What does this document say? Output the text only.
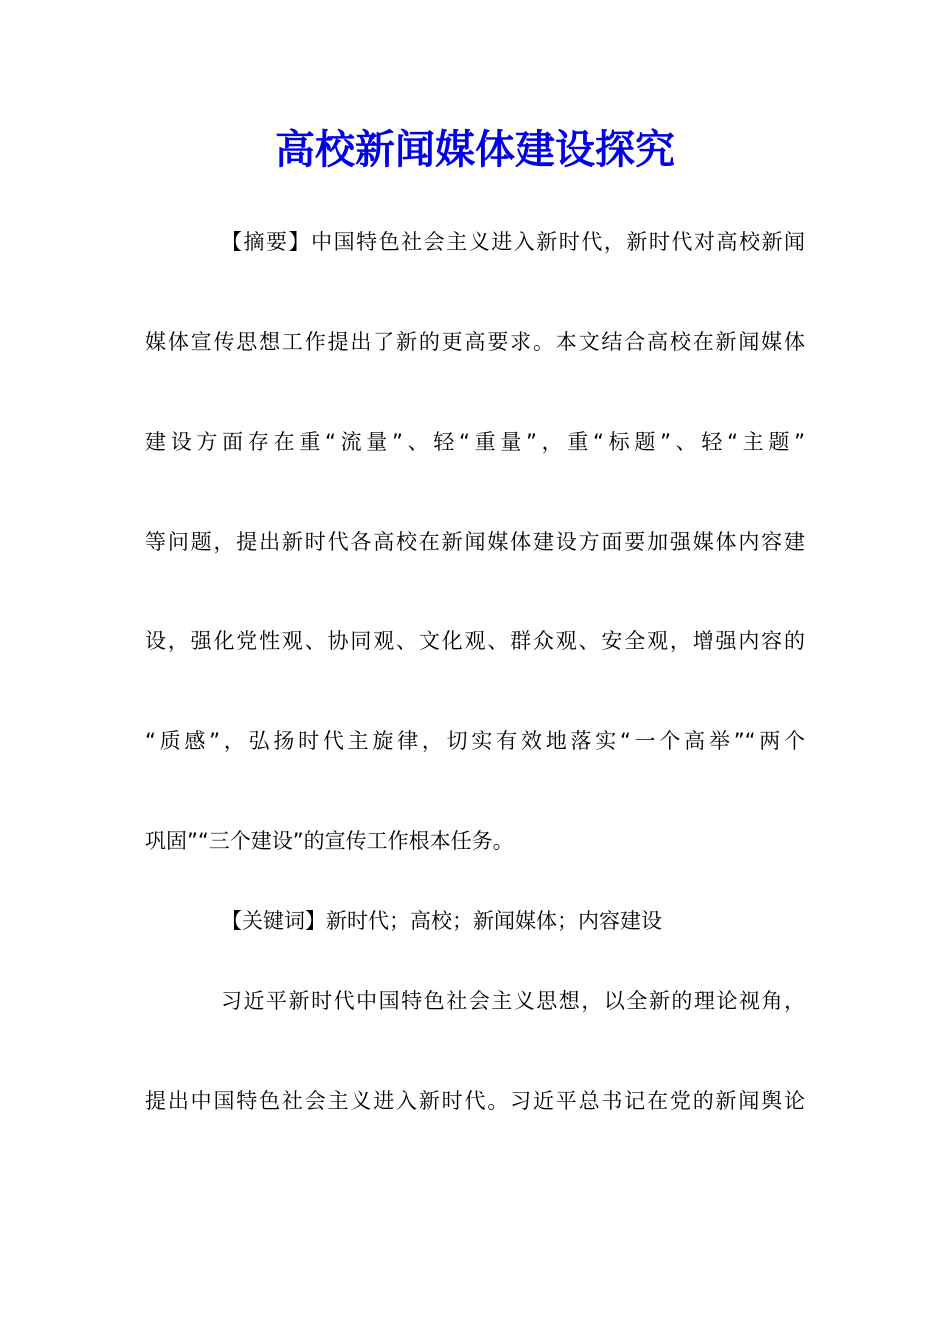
高校新闻媒体建设探究
【摘要】中国特色社会主义进入新时代，新时代对高校新闻
媒体宣传思想工作提出了新的更高要求。本文结合高校在新闻媒体
建设方面存在重“流量”、轻“重量”，重“标题”、轻“主题”
等问题，提出新时代各高校在新闻媒体建设方面要加强媒体内容建
设，强化党性观、协同观、文化观、群众观、安全观，增强内容的
“质感”，弘扬时代主旋律，切实有效地落实“一个高举”“两个
巩固”“三个建设”的宣传工作根本任务。
【关键词】新时代；高校；新闻媒体；内容建设
习近平新时代中国特色社会主义思想，以全新的理论视角，
提出中国特色社会主义进入新时代。习近平总书记在党的新闻舆论
